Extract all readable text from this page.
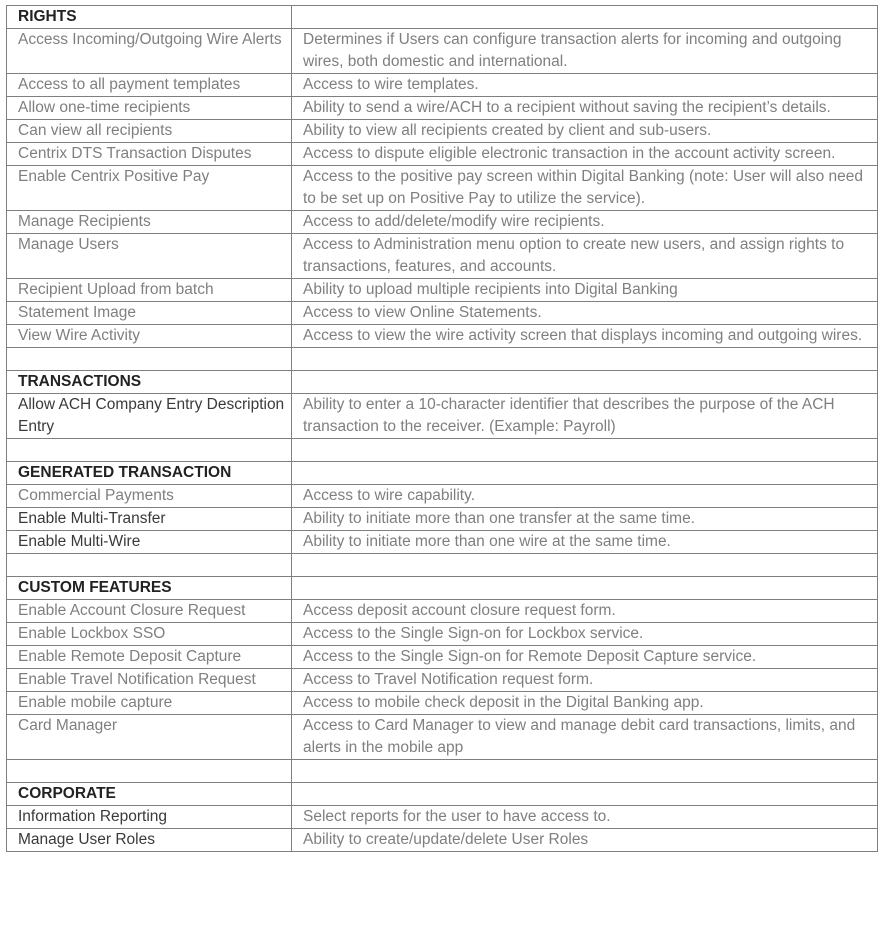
RIGHTS	
Access Incoming/Outgoing Wire Alerts	Determines if Users can configure transaction alerts for incoming and outgoing wires, both domestic and international.
Access to all payment templates	Access to wire templates.
Allow one-time recipients	Ability to send a wire/ACH to a recipient without saving the recipient’s details.
Can view all recipients	Ability to view all recipients created by client and sub-users.
Centrix DTS Transaction Disputes	Access to dispute eligible electronic transaction in the account activity screen.
Enable Centrix Positive Pay	Access to the positive pay screen within Digital Banking (note: User will also need to be set up on Positive Pay to utilize the service).
Manage Recipients	Access to add/delete/modify wire recipients.
Manage Users	Access to Administration menu option to create new users, and assign rights to transactions, features, and accounts.
Recipient Upload from batch	Ability to upload multiple recipients into Digital Banking
Statement Image	Access to view Online Statements.
View Wire Activity	Access to view the wire activity screen that displays incoming and outgoing wires.

TRANSACTIONS	
Allow ACH Company Entry Description Entry	Ability to enter a 10-character identifier that describes the purpose of the ACH transaction to the receiver. (Example: Payroll)

GENERATED TRANSACTION	
Commercial Payments	Access to wire capability.
Enable Multi-Transfer	Ability to initiate more than one transfer at the same time.
Enable Multi-Wire	Ability to initiate more than one wire at the same time.

CUSTOM FEATURES	
Enable Account Closure Request	Access deposit account closure request form.
Enable Lockbox SSO	Access to the Single Sign-on for Lockbox service.
Enable Remote Deposit Capture	Access to the Single Sign-on for Remote Deposit Capture service.
Enable Travel Notification Request	Access to Travel Notification request form.
Enable mobile capture	Access to mobile check deposit in the Digital Banking app.
Card Manager	Access to Card Manager to view and manage debit card transactions, limits, and alerts in the mobile app

CORPORATE	
Information Reporting	Select reports for the user to have access to.
Manage User Roles	Ability to create/update/delete User Roles
